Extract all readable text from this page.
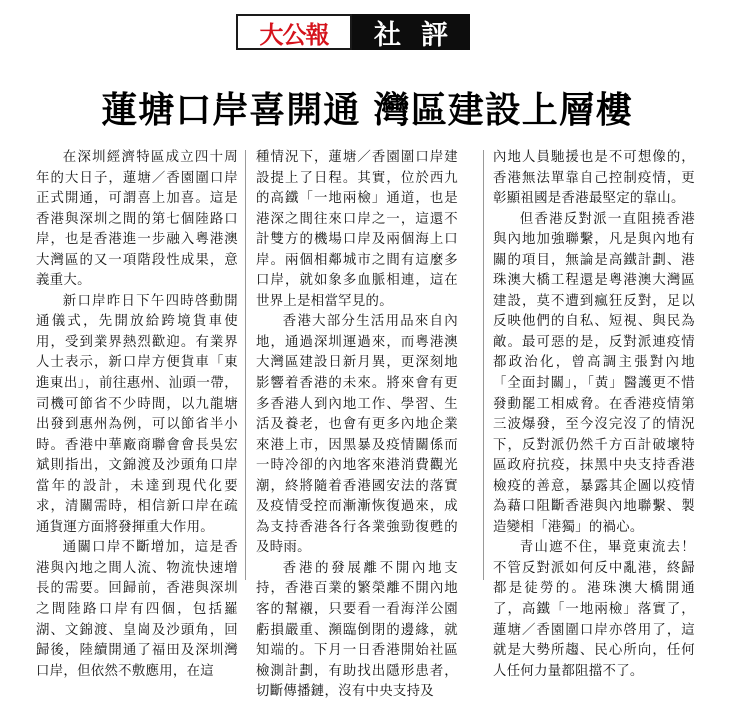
大公報	社評
蓮塘口岸喜開通 灣區建設上層樓

在深圳經濟特區成立四十周年的大日子，蓮塘／香園圍口岸正式開通，可謂喜上加喜。這是香港與深圳之間的第七個陸路口岸，也是香港進一步融入粵港澳大灣區的又一項階段性成果，意義重大。

新口岸昨日下午四時啓動開通儀式，先開放給跨境貨車使用，受到業界熱烈歡迎。有業界人士表示，新口岸方便貨車「東進東出」，前往惠州、汕頭一帶，司機可節省不少時間，以九龍塘出發到惠州為例，可以節省半小時。香港中華廠商聯會會長吳宏斌則指出，文錦渡及沙頭角口岸當年的設計，未達到現代化要求，清關需時，相信新口岸在疏通貨運方面將發揮重大作用。

通關口岸不斷增加，這是香港與內地之間人流、物流快速增長的需要。回歸前，香港與深圳之間陸路口岸有四個，包括羅湖、文錦渡、皇崗及沙頭角，回歸後，陸續開通了福田及深圳灣口岸，但依然不敷應用，在這

種情況下，蓮塘／香園圍口岸建設提上了日程。其實，位於西九的高鐵「一地兩檢」通道，也是港深之間往來口岸之一，這還不計雙方的機場口岸及兩個海上口岸。兩個相鄰城市之間有這麼多口岸，就如象多血脈相連，這在世界上是相當罕見的。

香港大部分生活用品來自內地，通過深圳運過來，而粵港澳大灣區建設日新月異，更深刻地影響着香港的未來。將來會有更多香港人到內地工作、學習、生活及養老，也會有更多內地企業來港上市，因黑暴及疫情關係而一時冷卻的內地客來港消費觀光潮，終將隨着香港國安法的落實及疫情受控而漸漸恢復過來，成為支持香港各行各業強勁復甦的及時雨。

香港的發展離不開內地支持，香港百業的繁榮離不開內地客的幫襯，只要看一看海洋公園虧損嚴重、瀕臨倒閉的邊緣，就知端的。下月一日香港開始社區檢測計劃，有助找出隱形患者，切斷傳播鏈，沒有中央支持及

內地人員馳援也是不可想像的，香港無法單靠自己控制疫情，更彰顯祖國是香港最堅定的靠山。

但香港反對派一直阻撓香港與內地加強聯繫，凡是與內地有關的項目，無論是高鐵計劃、港珠澳大橋工程還是粵港澳大灣區建設，莫不遭到瘋狂反對，足以反映他們的自私、短視、與民為敵。最可惡的是，反對派連疫情都政治化，曾高調主張對內地「全面封關」，「黃」醫護更不惜發動罷工相威脅。在香港疫情第三波爆發，至今沒完沒了的情況下，反對派仍然千方百計破壞特區政府抗疫，抹黑中央支持香港檢疫的善意，暴露其企圖以疫情為藉口阻斷香港與內地聯繫、製造變相「港獨」的禍心。

青山遮不住，畢竟東流去！不管反對派如何反中亂港，終歸都是徒勞的。港珠澳大橋開通了，高鐵「一地兩檢」落實了，蓮塘／香園圍口岸亦啓用了，這就是大勢所趨、民心所向，任何人任何力量都阻擋不了。
